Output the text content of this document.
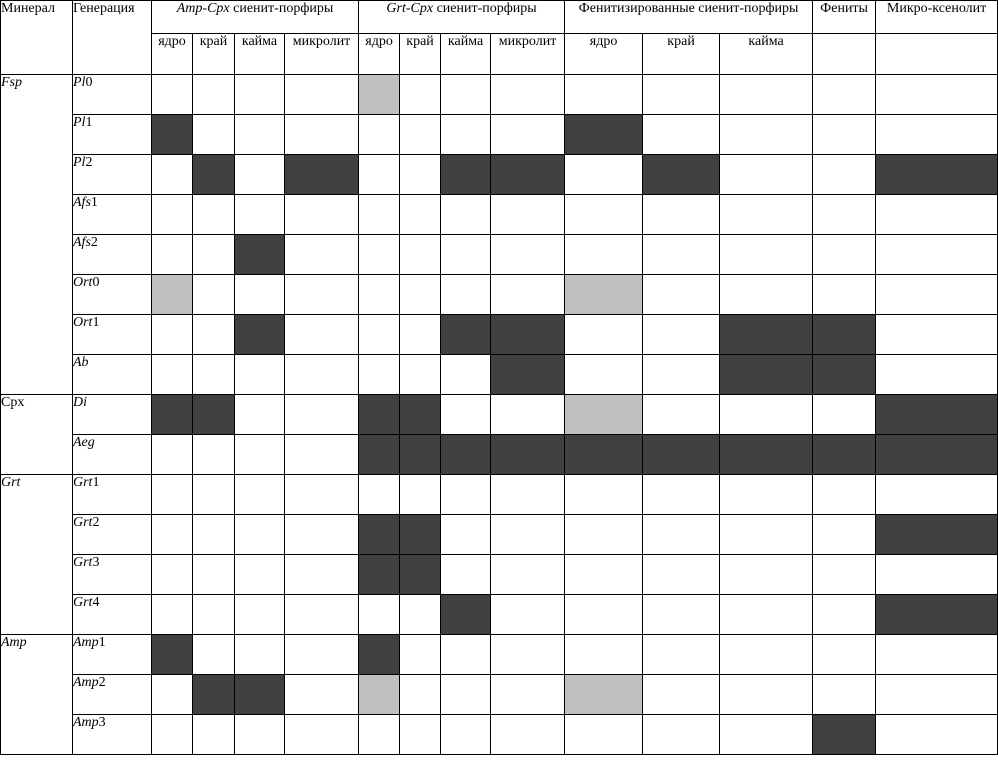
Минерал	Генерация	Amp-Cpx сиенит-порфиры				Grt-Cpx сиенит-порфиры				Фенитизированные сиенит-порфиры			Фениты	Микро-ксенолит
		ядро	край	кайма	микролит	ядро	край	кайма	микролит	ядро	край	кайма		
Fsp	Pl0													
	Pl1													
	Pl2													
	Afs1													
	Afs2													
	Ort0													
	Ort1													
	Ab													
Cpx	Di													
	Aeg													
Grt	Grt1													
	Grt2													
	Grt3													
	Grt4													
Amp	Amp1													
	Amp2													
	Amp3													
